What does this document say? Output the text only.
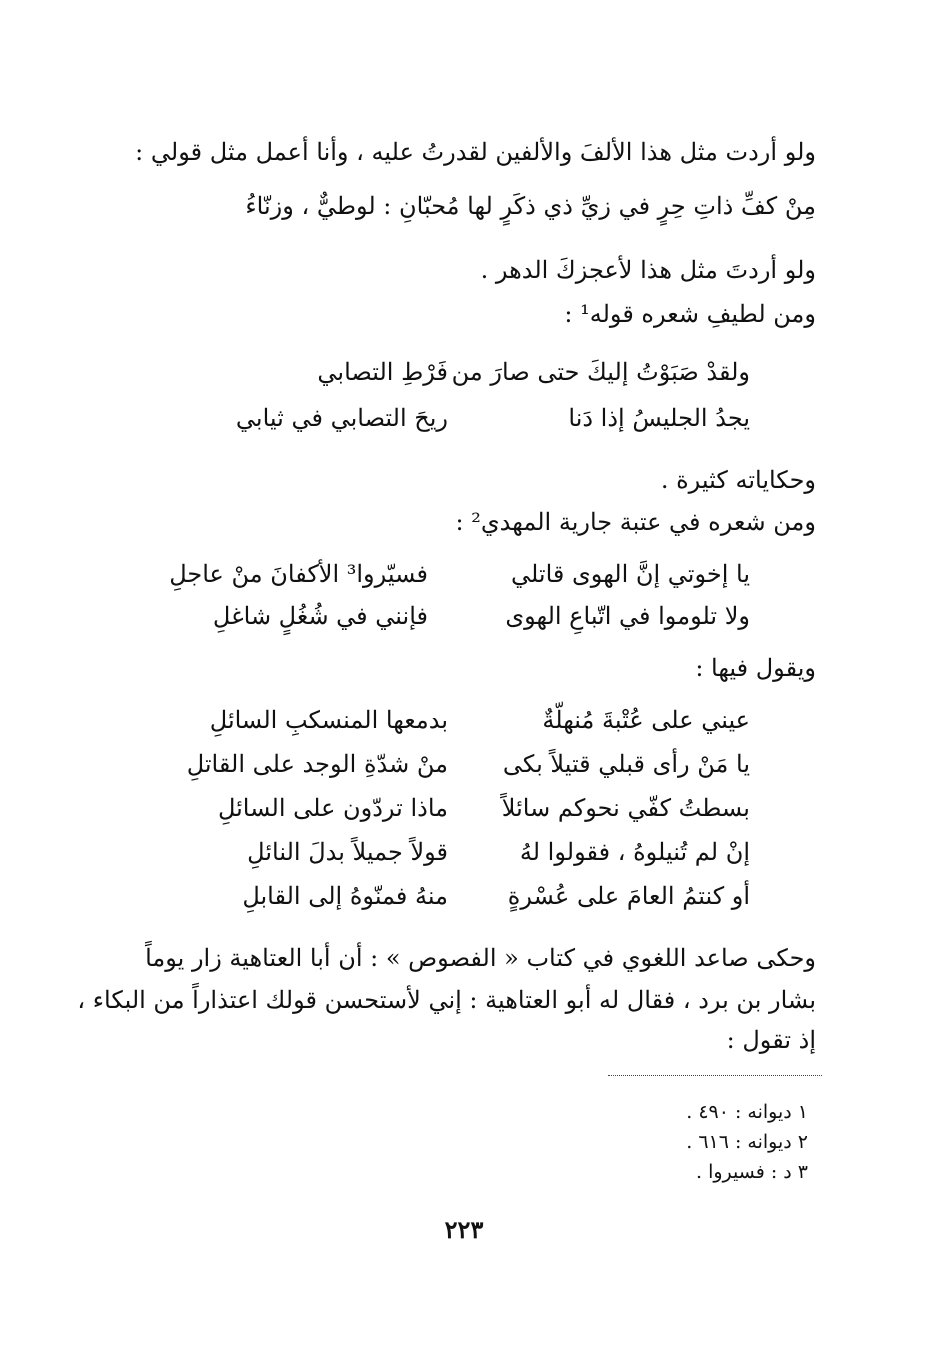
ولو أردت مثل هذا الألفَ والألفين لقدرتُ عليه ، وأنا أعمل مثل قولي :
مِنْ كفِّ ذاتِ حِرٍ في زيِّ ذي ذكَرٍ لها مُحبّانِ : لوطيٌّ ، وزنّاءُ
ولو أردتَ مثل هذا لأعجزكَ الدهر .
ومن لطيفِ شعره قوله¹ :
ولقدْ صَبَوْتُ إليكَ حتى صارَ من
فَرْطِ التصابي
يجدُ الجليسُ إذا دَنا
ريحَ التصابي في ثيابي
وحكاياته كثيرة .
ومن شعره في عتبة جارية المهدي² :
يا إخوتي إنَّ الهوى قاتلي
فسيّروا³ الأكفانَ منْ عاجلِ
ولا تلوموا في اتّباعِ الهوى
فإنني في شُغُلٍ شاغلِ
ويقول فيها :
عيني على عُتْبةَ مُنهلّةٌ
بدمعها المنسكبِ السائلِ
يا مَنْ رأى قبلي قتيلاً بكى
منْ شدّةِ الوجد على القاتلِ
بسطتُ كفّي نحوكم سائلاً
ماذا تردّون على السائلِ
إنْ لم تُنيلوهُ ، فقولوا لهُ
قولاً جميلاً بدلَ النائلِ
أو كنتمُ العامَ على عُسْرةٍ
منهُ فمنّوهُ إلى القابلِ
وحكى صاعد اللغوي في كتاب « الفصوص » : أن أبا العتاهية زار يوماً
بشار بن برد ، فقال له أبو العتاهية : إني لأستحسن قولك اعتذاراً من البكاء ،
إذ تقول :
١ ديوانه : ٤٩٠ .
٢ ديوانه : ٦١٦ .
٣ د : فسيروا .
٢٢٣
